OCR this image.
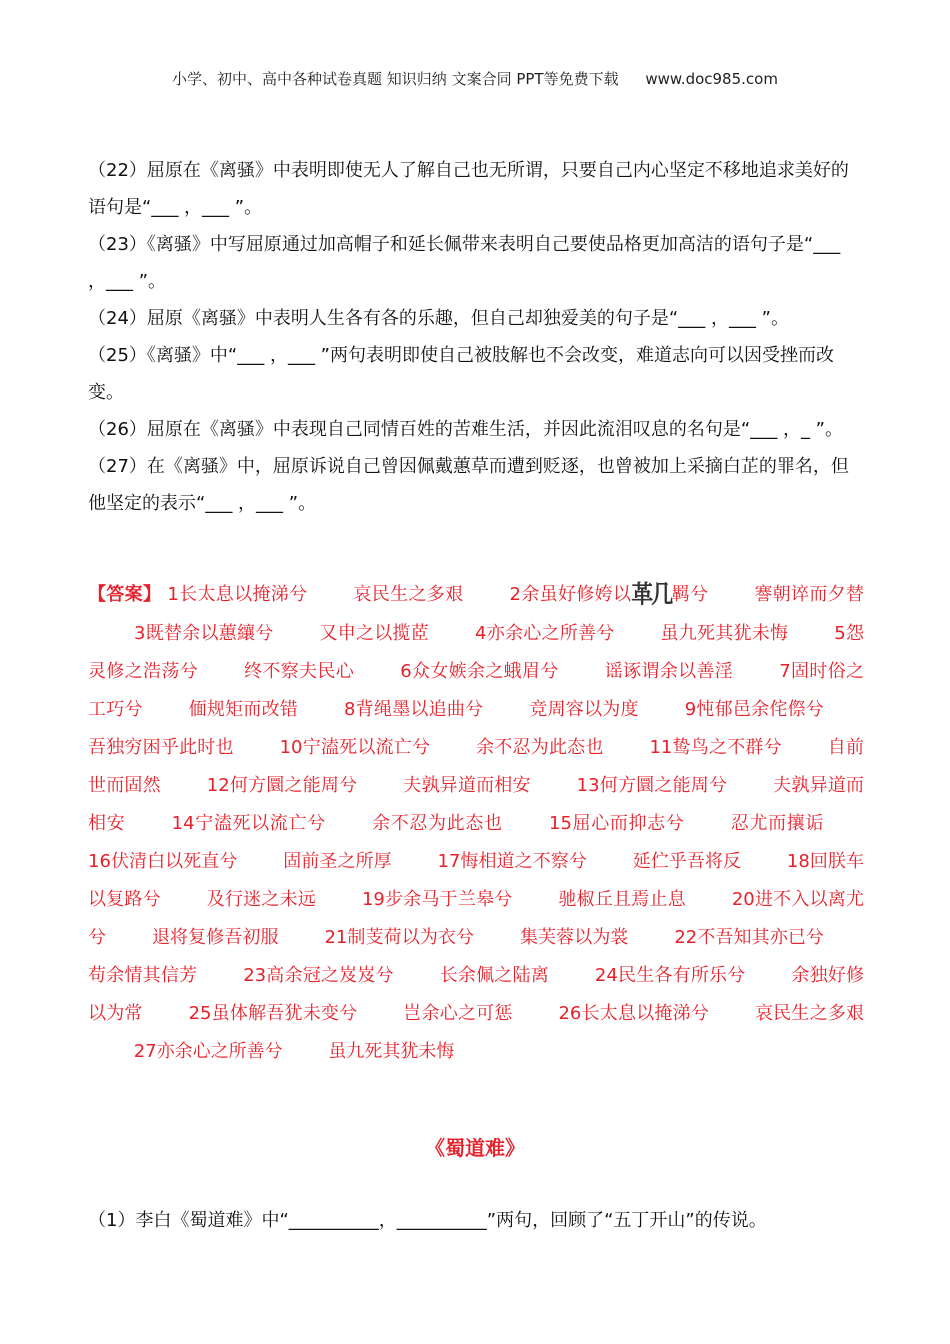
小学、初中、高中各种试卷真题 知识归纳 文案合同 PPT等免费下载 www.doc985.com

（22）屈原在《离骚》中表明即使无人了解自己也无所谓，只要自己内心坚定不移地追求美好的语句是“___ ，___ ”。

（23）《离骚》中写屈原通过加高帽子和延长佩带来表明自己要使品格更加高洁的语句子是“___ ，___ ”。

（24）屈原《离骚》中表明人生各有各的乐趣，但自己却独爱美的句子是“___ ，___ ”。

（25）《离骚》中“___ ，___ ”两句表明即使自己被肢解也不会改变，难道志向可以因受挫而改变。

（26）屈原在《离骚》中表现自己同情百姓的苦难生活，并因此流泪叹息的名句是“___ ，_ ”。

（27）在《离骚》中，屈原诉说自己曾因佩戴蕙草而遭到贬逐，也曾被加上采摘白芷的罪名，但他坚定的表示“___ ，___ ”。

【答案】 1长太息以掩涕兮	哀民生之多艰	2余虽好修姱以革几羁兮	謇朝谇而夕替 3既替余以蕙纕兮	又申之以揽茝	4亦余心之所善兮	虽九死其犹未悔	5怨灵修之浩荡兮	终不察夫民心	6众女嫉余之蛾眉兮	谣诼谓余以善淫	7固时俗之工巧兮	偭规矩而改错	8背绳墨以追曲兮	竞周容以为度	9忳郁邑余侘傺兮 吾独穷困乎此时也	10宁溘死以流亡兮	余不忍为此态也	11鸷鸟之不群兮	自前世而固然	12何方圜之能周兮	夫孰异道而相安	13何方圜之能周兮	夫孰异道而相安	14宁溘死以流亡兮	余不忍为此态也	15屈心而抑志兮	忍尤而攘诟 16伏清白以死直兮	固前圣之所厚	17悔相道之不察兮	延伫乎吾将反	18回朕车以复路兮	及行迷之未远	19步余马于兰皋兮	驰椒丘且焉止息	20进不入以离尤兮	退将复修吾初服	21制芰荷以为衣兮	集芙蓉以为裳	22不吾知其亦已兮 苟余情其信芳	23高余冠之岌岌兮	长余佩之陆离	24民生各有所乐兮	余独好修以为常	25虽体解吾犹未变兮	岂余心之可惩	26长太息以掩涕兮	哀民生之多艰 27亦余心之所善兮	虽九死其犹未悔
《蜀道难》

（1）李白《蜀道难》中“__________，__________”两句，回顾了“五丁开山”的传说。
